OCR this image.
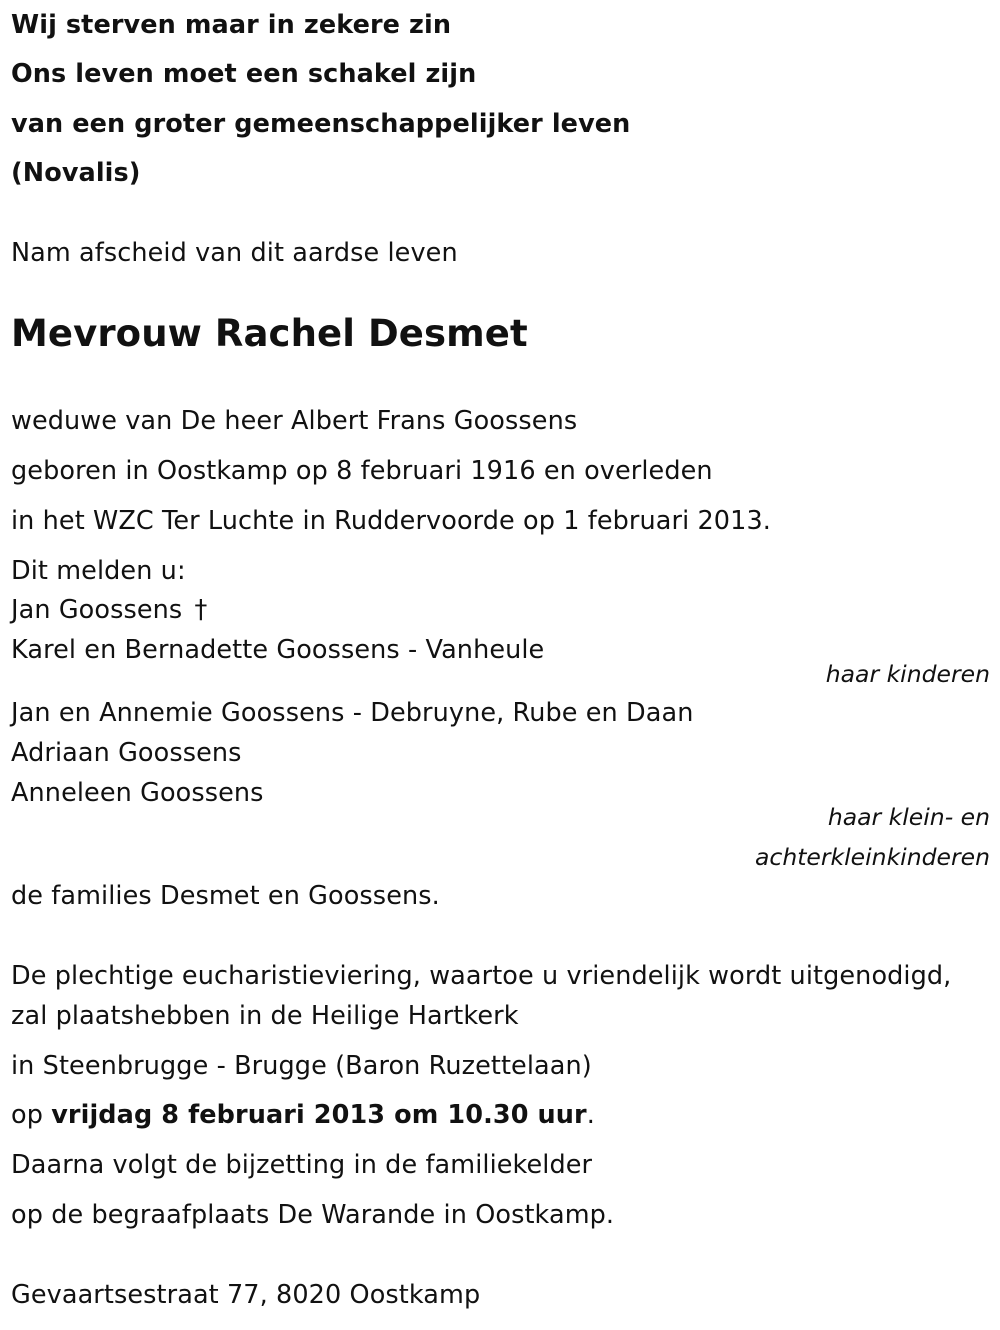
Wij sterven maar in zekere zin

Ons leven moet een schakel zijn

van een groter gemeenschappelijker leven

(Novalis)

Nam afscheid van dit aardse leven

Mevrouw Rachel Desmet

weduwe van De heer Albert Frans Goossens

geboren in Oostkamp op 8 februari 1916 en overleden

in het WZC Ter Luchte in Ruddervoorde op 1 februari 2013.

Dit melden u:

Jan Goossens †

Karel en Bernadette Goossens - Vanheule

haar kinderen

Jan en Annemie Goossens - Debruyne, Rube en Daan

Adriaan Goossens

Anneleen Goossens

haar klein- en

achterkleinkinderen

de families Desmet en Goossens.

De plechtige eucharistieviering, waartoe u vriendelijk wordt uitgenodigd,

zal plaatshebben in de Heilige Hartkerk

in Steenbrugge - Brugge (Baron Ruzettelaan)

op vrijdag 8 februari 2013 om 10.30 uur.

Daarna volgt de bijzetting in de familiekelder

op de begraafplaats De Warande in Oostkamp.

Gevaartsestraat 77, 8020 Oostkamp
